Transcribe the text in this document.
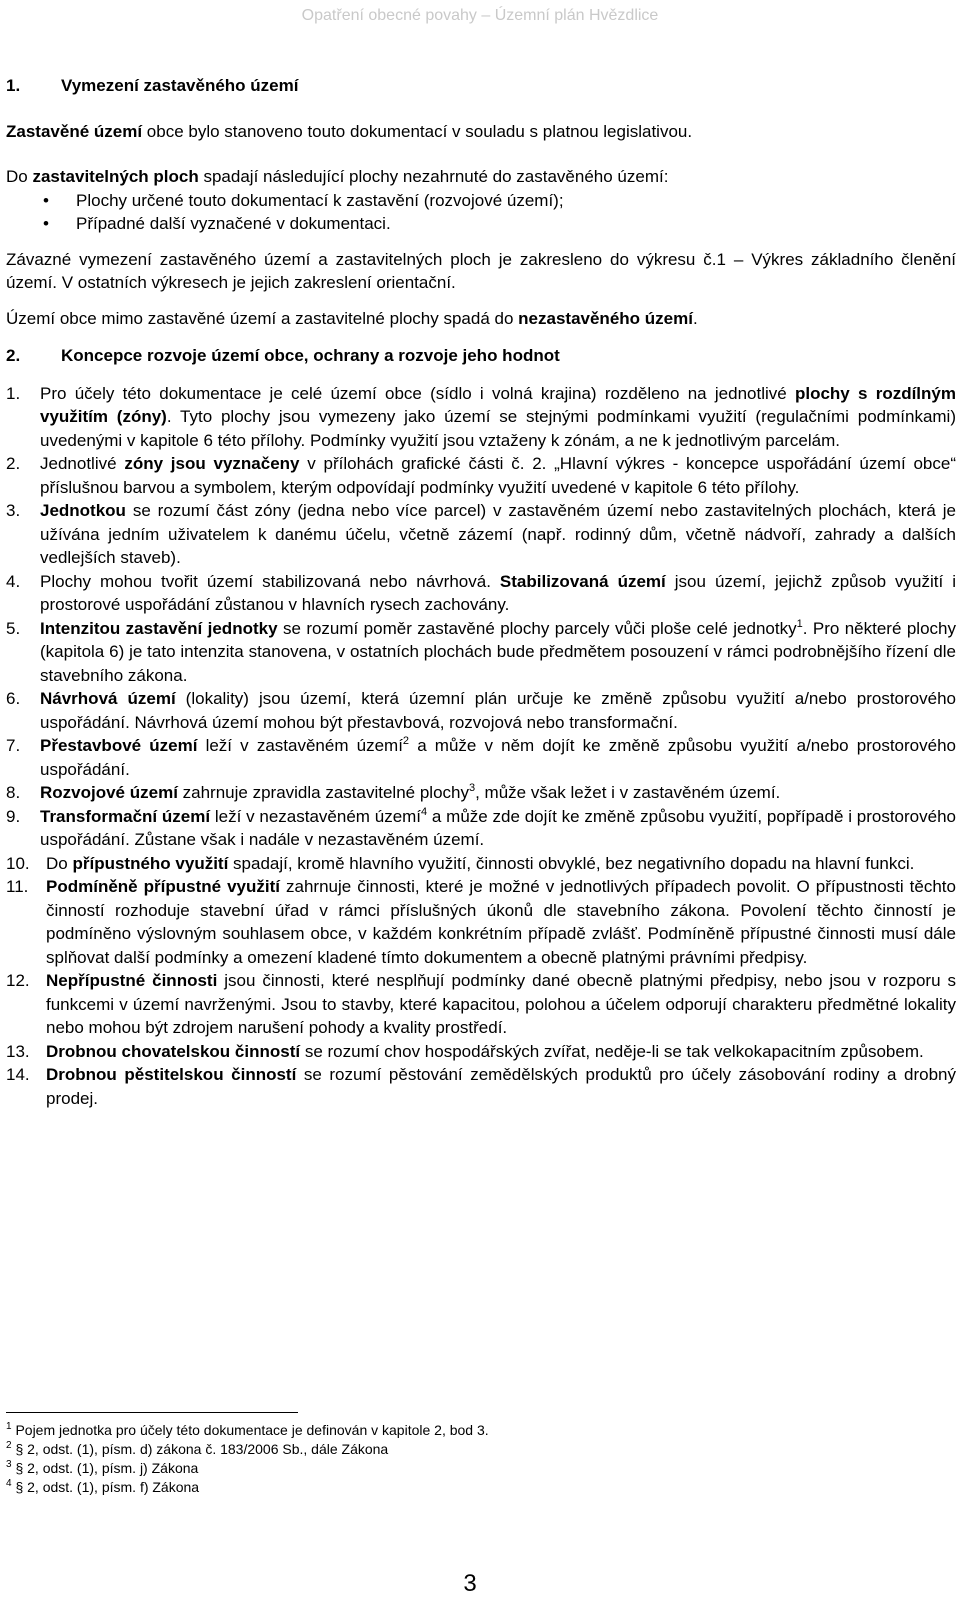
Opatření obecné povahy – Územní plán Hvězdlice

1. Vymezení zastavěného území

Zastavěné území obce bylo stanoveno touto dokumentací v souladu s platnou legislativou.

Do zastavitelných ploch spadají následující plochy nezahrnuté do zastavěného území:

• Plochy určené touto dokumentací k zastavění (rozvojové území);
• Případné další vyznačené v dokumentaci.

Závazné vymezení zastavěného území a zastavitelných ploch je zakresleno do výkresu č.1 – Výkres základního členění území. V ostatních výkresech je jejich zakreslení orientační.

Území obce mimo zastavěné území a zastavitelné plochy spadá do nezastavěného území.

2. Koncepce rozvoje území obce, ochrany a rozvoje jeho hodnot

1. Pro účely této dokumentace je celé území obce (sídlo i volná krajina) rozděleno na jednotlivé plochy s rozdílným využitím (zóny). Tyto plochy jsou vymezeny jako území se stejnými podmínkami využití (regulačními podmínkami) uvedenými v kapitole 6 této přílohy. Podmínky využití jsou vztaženy k zónám, a ne k jednotlivým parcelám.
2. Jednotlivé zóny jsou vyznačeny v přílohách grafické části č. 2. „Hlavní výkres - koncepce uspořádání území obce“ příslušnou barvou a symbolem, kterým odpovídají podmínky využití uvedené v kapitole 6 této přílohy.
3. Jednotkou se rozumí část zóny (jedna nebo více parcel) v zastavěném území nebo zastavitelných plochách, která je užívána jedním uživatelem k danému účelu, včetně zázemí (např. rodinný dům, včetně nádvoří, zahrady a dalších vedlejších staveb).
4. Plochy mohou tvořit území stabilizovaná nebo návrhová. Stabilizovaná území jsou území, jejichž způsob využití i prostorové uspořádání zůstanou v hlavních rysech zachovány.
5. Intenzitou zastavění jednotky se rozumí poměr zastavěné plochy parcely vůči ploše celé jednotky$^1$. Pro některé plochy (kapitola 6) je tato intenzita stanovena, v ostatních plochách bude předmětem posouzení v rámci podrobnějšího řízení dle stavebního zákona.
6. Návrhová území (lokality) jsou území, která územní plán určuje ke změně způsobu využití a/nebo prostorového uspořádání. Návrhová území mohou být přestavbová, rozvojová nebo transformační.
7. Přestavbové území leží v zastavěném území$^2$ a může v něm dojít ke změně způsobu využití a/nebo prostorového uspořádání.
8. Rozvojové území zahrnuje zpravidla zastavitelné plochy$^3$, může však ležet i v zastavěném území.
9. Transformační území leží v nezastavěném území$^4$ a může zde dojít ke změně způsobu využití, popřípadě i prostorového uspořádání. Zůstane však i nadále v nezastavěném území.
10. Do přípustného využití spadají, kromě hlavního využití, činnosti obvyklé, bez negativního dopadu na hlavní funkci.
11. Podmíněně přípustné využití zahrnuje činnosti, které je možné v jednotlivých případech povolit. O přípustnosti těchto činností rozhoduje stavební úřad v rámci příslušných úkonů dle stavebního zákona. Povolení těchto činností je podmíněno výslovným souhlasem obce, v každém konkrétním případě zvlášť. Podmíněně přípustné činnosti musí dále splňovat další podmínky a omezení kladené tímto dokumentem a obecně platnými právními předpisy.
12. Nepřípustné činnosti jsou činnosti, které nesplňují podmínky dané obecně platnými předpisy, nebo jsou v rozporu s funkcemi v území navrženými. Jsou to stavby, které kapacitou, polohou a účelem odporují charakteru předmětné lokality nebo mohou být zdrojem narušení pohody a kvality prostředí.
13. Drobnou chovatelskou činností se rozumí chov hospodářských zvířat, neděje-li se tak velkokapacitním způsobem.
14. Drobnou pěstitelskou činností se rozumí pěstování zemědělských produktů pro účely zásobování rodiny a drobný prodej.
$^1$ Pojem jednotka pro účely této dokumentace je definován v kapitole 2, bod 3.
$^2$ § 2, odst. (1), písm. d) zákona č. 183/2006 Sb., dále Zákona
$^3$ § 2, odst. (1), písm. j) Zákona
$^4$ § 2, odst. (1), písm. f) Zákona
3
